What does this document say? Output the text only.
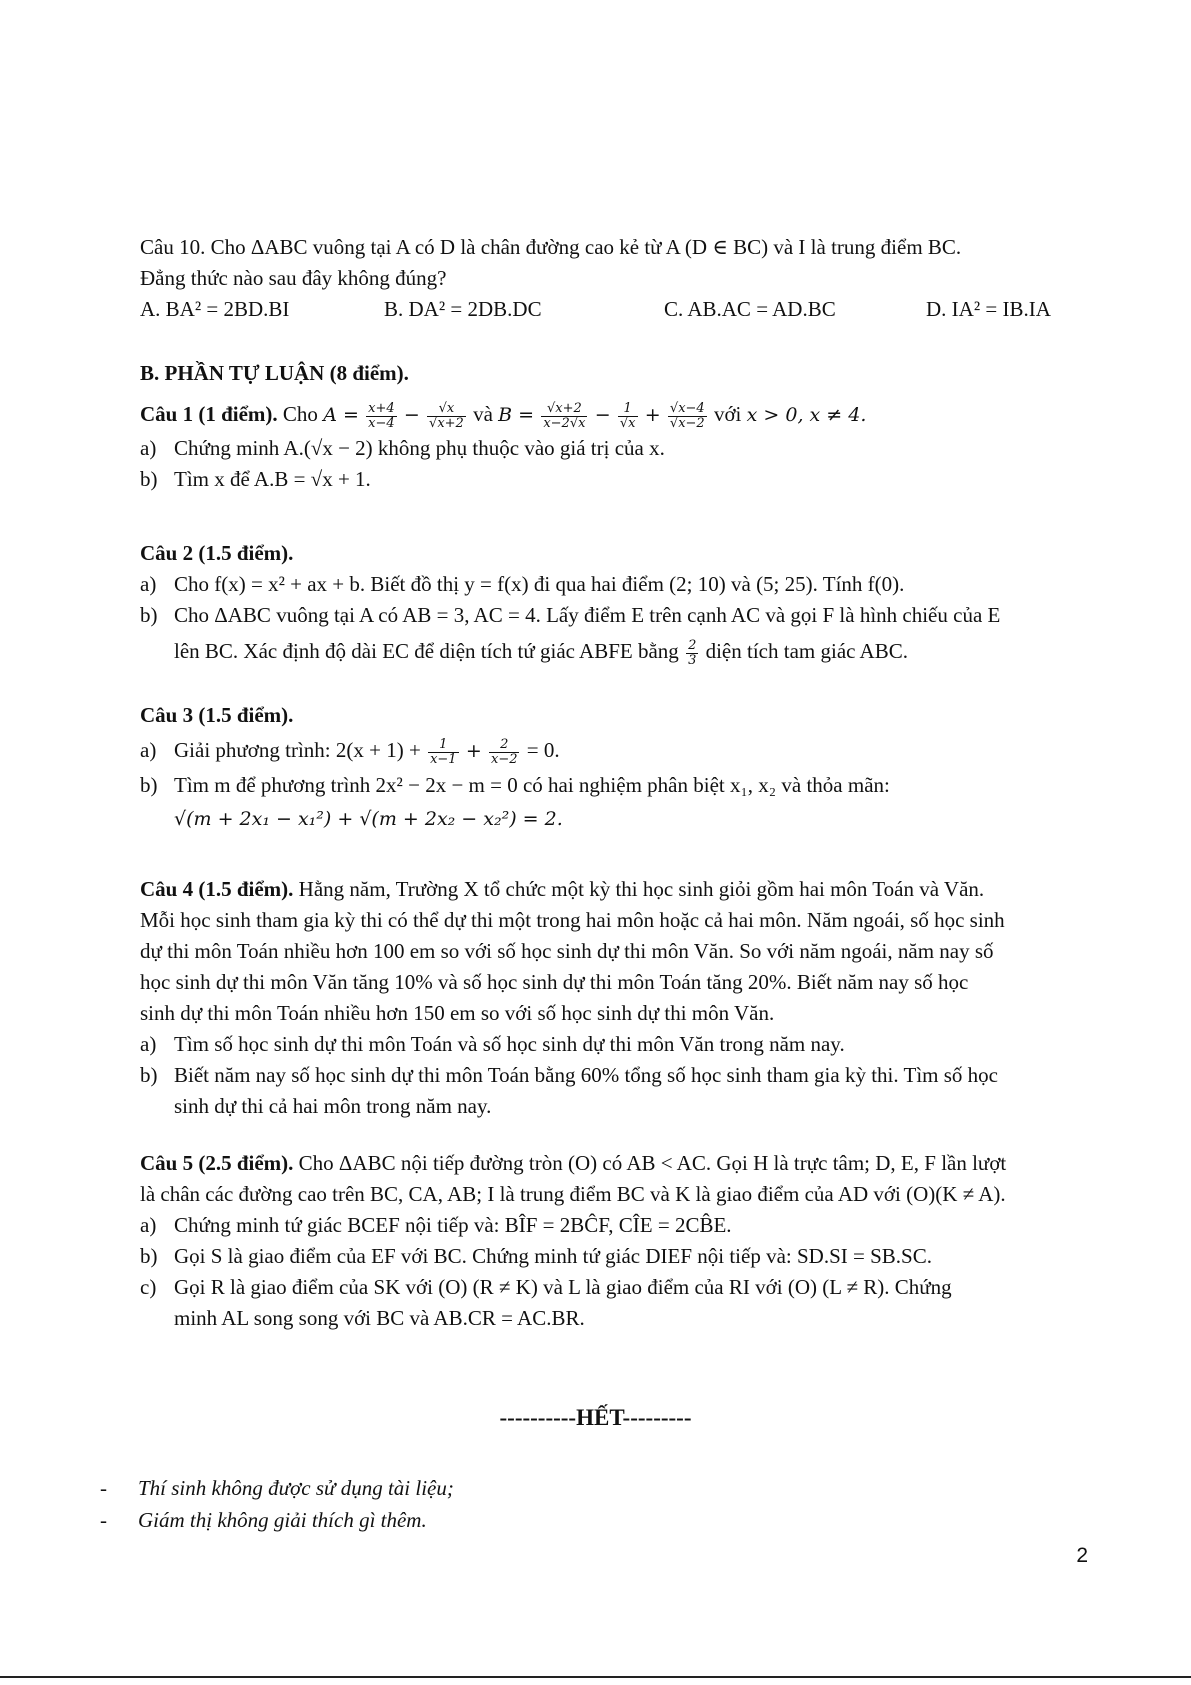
Câu 10. Cho ΔABC vuông tại A có D là chân đường cao kẻ từ A (D ∈ BC) và I là trung điểm BC.
Đẳng thức nào sau đây không đúng?
A. BA² = 2BD.BI	B. DA² = 2DB.DC	C. AB.AC = AD.BC	D. IA² = IB.IA
B. PHẦN TỰ LUẬN (8 điểm).
Câu 1 (1 điểm). Cho $A = \frac{x+4}{x-4} - \frac{√x}{√x+2}$ và $B = \frac{√x+2}{x-2√x} - \frac{1}{√x} + \frac{√x-4}{√x-2}$ với x > 0, x ≠ 4.
a) Chứng minh A.(√x − 2) không phụ thuộc vào giá trị của x.
b) Tìm x để A.B = √x + 1.
Câu 2 (1.5 điểm).
a) Cho f(x) = x² + ax + b. Biết đồ thị y = f(x) đi qua hai điểm (2; 10) và (5; 25). Tính f(0).
b) Cho ΔABC vuông tại A có AB = 3, AC = 4. Lấy điểm E trên cạnh AC và gọi F là hình chiếu của E
lên BC. Xác định độ dài EC để diện tích tứ giác ABFE bằng $\frac{2}{3}$ diện tích tam giác ABC.
Câu 3 (1.5 điểm).
a) Giải phương trình: $2(x + 1) + \frac{1}{x-1} + \frac{2}{x-2} = 0$.
b) Tìm m để phương trình 2x² − 2x − m = 0 có hai nghiệm phân biệt x₁, x₂ và thỏa mãn:
√(m + 2x₁ − x₁²) + √(m + 2x₂ − x₂²) = 2.
Câu 4 (1.5 điểm). Hằng năm, Trường X tổ chức một kỳ thi học sinh giỏi gồm hai môn Toán và Văn.
Mỗi học sinh tham gia kỳ thi có thể dự thi một trong hai môn hoặc cả hai môn. Năm ngoái, số học sinh
dự thi môn Toán nhiều hơn 100 em so với số học sinh dự thi môn Văn. So với năm ngoái, năm nay số
học sinh dự thi môn Văn tăng 10% và số học sinh dự thi môn Toán tăng 20%. Biết năm nay số học
sinh dự thi môn Toán nhiều hơn 150 em so với số học sinh dự thi môn Văn.
a) Tìm số học sinh dự thi môn Toán và số học sinh dự thi môn Văn trong năm nay.
b) Biết năm nay số học sinh dự thi môn Toán bằng 60% tổng số học sinh tham gia kỳ thi. Tìm số học
sinh dự thi cả hai môn trong năm nay.
Câu 5 (2.5 điểm). Cho ΔABC nội tiếp đường tròn (O) có AB < AC. Gọi H là trực tâm; D, E, F lần lượt
là chân các đường cao trên BC, CA, AB; I là trung điểm BC và K là giao điểm của AD với (O)(K ≠ A).
a) Chứng minh tứ giác BCEF nội tiếp và: BÎF = 2BĈF, CÎE = 2CB̂E.
b) Gọi S là giao điểm của EF với BC. Chứng minh tứ giác DIEF nội tiếp và: SD.SI = SB.SC.
c) Gọi R là giao điểm của SK với (O) (R ≠ K) và L là giao điểm của RI với (O) (L ≠ R). Chứng
minh AL song song với BC và AB.CR = AC.BR.
----------HẾT---------
- Thí sinh không được sử dụng tài liệu;
- Giám thị không giải thích gì thêm.
2
